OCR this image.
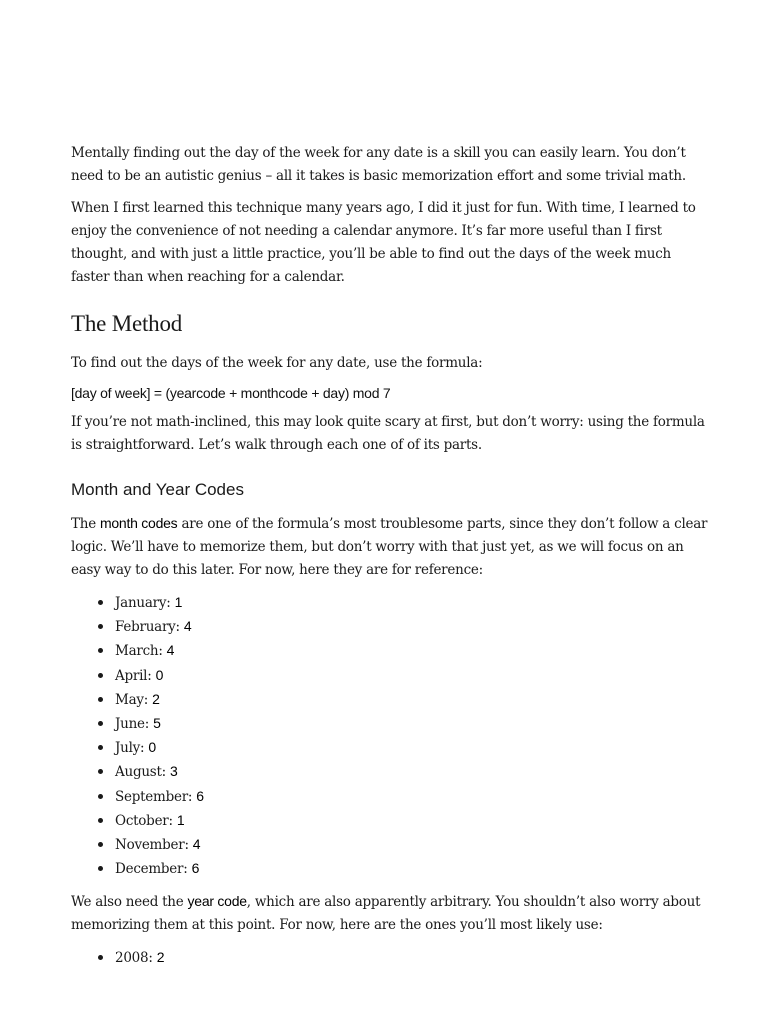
Mentally finding out the day of the week for any date is a skill you can easily learn. You don’t need to be an autistic genius – all it takes is basic memorization effort and some trivial math.

When I first learned this technique many years ago, I did it just for fun. With time, I learned to enjoy the convenience of not needing a calendar anymore. It’s far more useful than I first thought, and with just a little practice, you’ll be able to find out the days of the week much faster than when reaching for a calendar.

The Method

To find out the days of the week for any date, use the formula:

[day of week] = (yearcode + monthcode + day) mod 7

If you’re not math-inclined, this may look quite scary at first, but don’t worry: using the formula is straightforward. Let’s walk through each one of of its parts.

Month and Year Codes

The month codes are one of the formula’s most troublesome parts, since they don’t follow a clear logic. We’ll have to memorize them, but don’t worry with that just yet, as we will focus on an easy way to do this later. For now, here they are for reference:

January: 1
February: 4
March: 4
April: 0
May: 2
June: 5
July: 0
August: 3
September: 6
October: 1
November: 4
December: 6

We also need the year code, which are also apparently arbitrary. You shouldn’t also worry about memorizing them at this point. For now, here are the ones you’ll most likely use:

2008: 2
